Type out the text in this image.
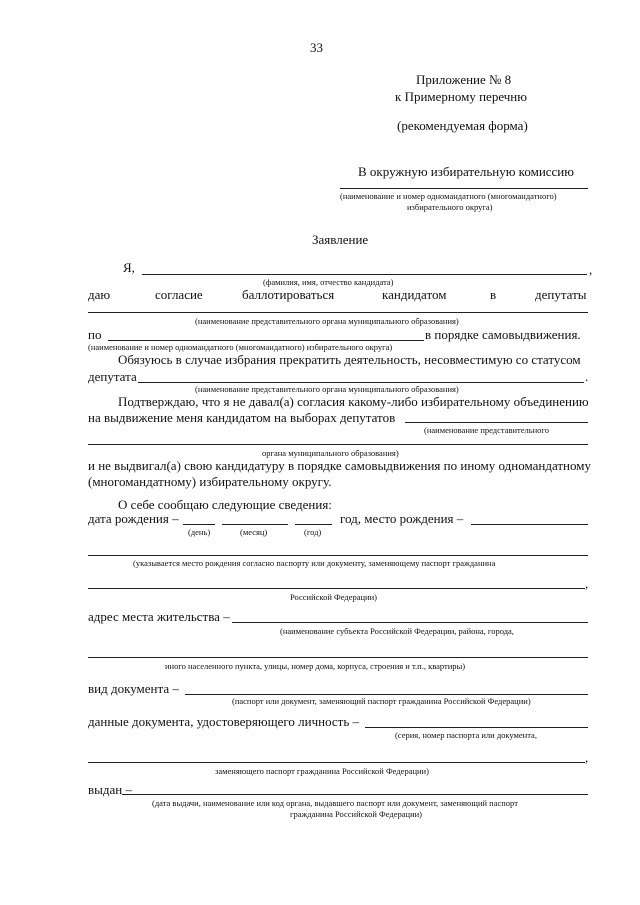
33
Приложение № 8
к Примерному перечню
(рекомендуемая форма)
В окружную избирательную комиссию
(наименование и номер одномандатного (многомандатного)
избирательного округа)
Заявление
Я,	,
(фамилия, имя, отчество кандидата)
даю	согласие	баллотироваться	кандидатом	в	депутаты
(наименование представительного органа муниципального образования)
по	в порядке самовыдвижения.
(наименование и номер одномандатного (многомандатного) избирательного округа)
Обязуюсь в случае избрания прекратить деятельность, несовместимую со статусом
депутата	.
(наименование представительного органа муниципального образования)
Подтверждаю, что я не давал(а) согласия какому-либо избирательному объединению
на выдвижение меня кандидатом на выборах депутатов
(наименование представительного
органа муниципального образования)
и не выдвигал(а) свою кандидатуру в порядке самовыдвижения по иному одномандатному
(многомандатному) избирательному округу.
О себе сообщаю следующие сведения:
дата рождения –	год, место рождения –
(день)	(месяц)	(год)
(указывается место рождения согласно паспорту или документу, заменяющему паспорт гражданина
,
Российской Федерации)
адрес места жительства –
(наименование субъекта Российской Федерации, района, города,
иного населенного пункта, улицы, номер дома, корпуса, строения и т.п., квартиры)
вид документа –
(паспорт или документ, заменяющий паспорт гражданина Российской Федерации)
данные документа, удостоверяющего личность –
(серия, номер паспорта или документа,
,
заменяющего паспорт гражданина Российской Федерации)
выдан –
(дата выдачи, наименование или код органа, выдавшего паспорт или документ, заменяющий паспорт
гражданина Российской Федерации)
